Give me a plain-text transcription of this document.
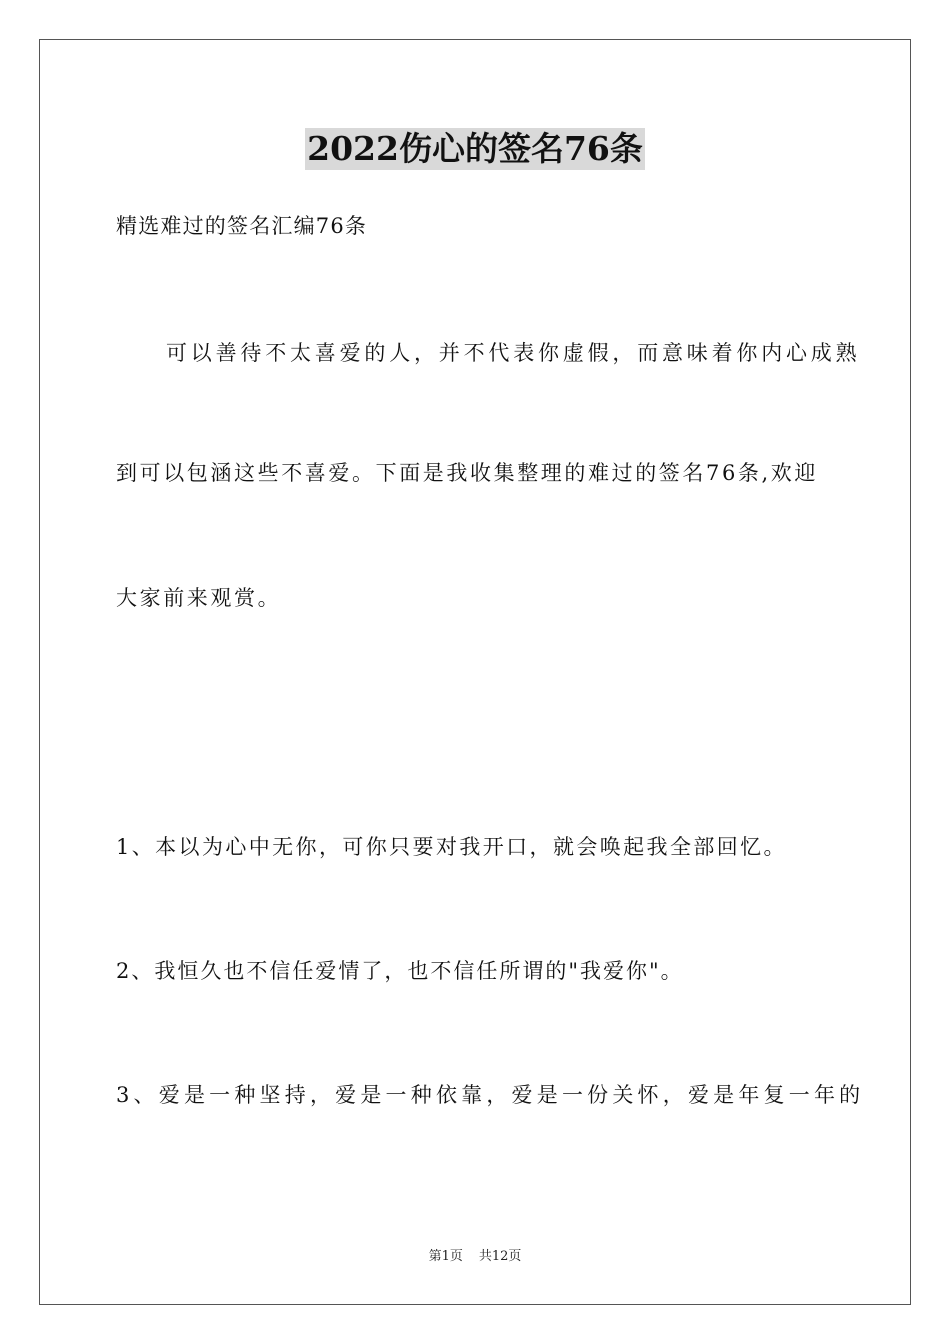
2022伤心的签名76条
精选难过的签名汇编76条
可以善待不太喜爱的人，并不代表你虚假，而意味着你内心成熟
到可以包涵这些不喜爱。下面是我收集整理的难过的签名76条,欢迎
大家前来观赏。
1、本以为心中无你，可你只要对我开口，就会唤起我全部回忆。
2、我恒久也不信任爱情了，也不信任所谓的"我爱你"。
3、爱是一种坚持，爱是一种依靠，爱是一份关怀，爱是年复一年的
第1页 共12页
